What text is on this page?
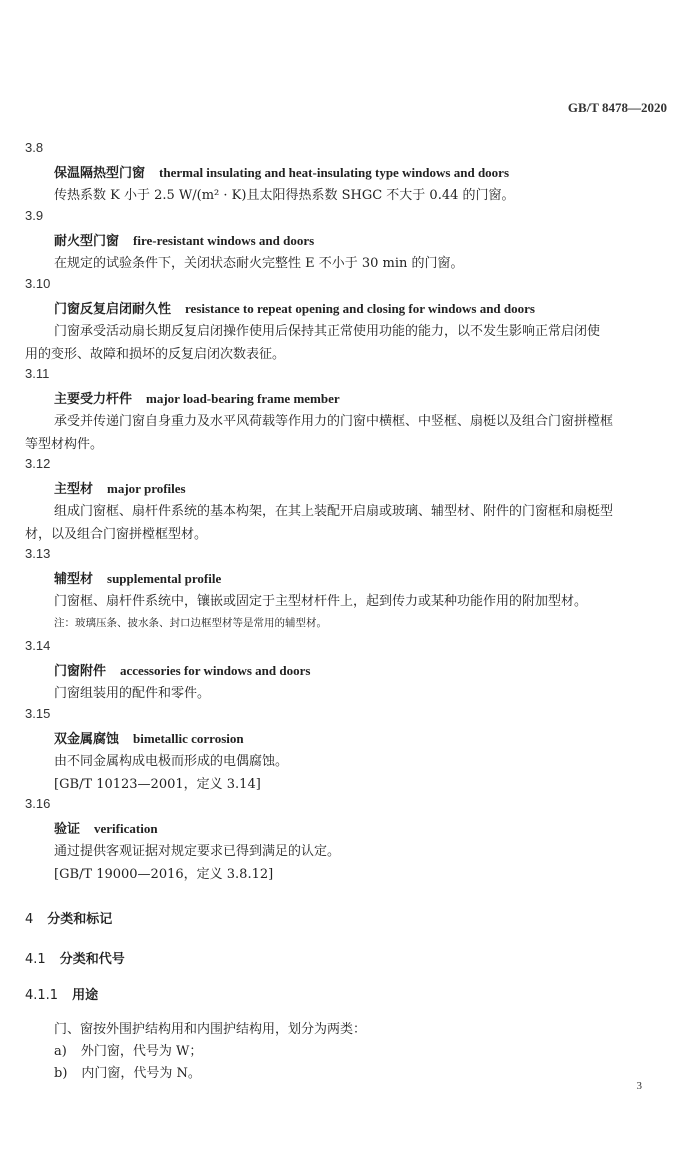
GB/T 8478—2020
3.8
保温隔热型门窗 thermal insulating and heat-insulating type windows and doors
传热系数 K 小于 2.5 W/(m² · K)且太阳得热系数 SHGC 不大于 0.44 的门窗。
3.9
耐火型门窗 fire-resistant windows and doors
在规定的试验条件下，关闭状态耐火完整性 E 不小于 30 min 的门窗。
3.10
门窗反复启闭耐久性 resistance to repeat opening and closing for windows and doors
门窗承受活动扇长期反复启闭操作使用后保持其正常使用功能的能力，以不发生影响正常启闭使
用的变形、故障和损坏的反复启闭次数表征。
3.11
主要受力杆件 major load-bearing frame member
承受并传递门窗自身重力及水平风荷载等作用力的门窗中横框、中竖框、扇梃以及组合门窗拼樘框
等型材构件。
3.12
主型材 major profiles
组成门窗框、扇杆件系统的基本构架，在其上装配开启扇或玻璃、辅型材、附件的门窗框和扇梃型
材，以及组合门窗拼樘框型材。
3.13
辅型材 supplemental profile
门窗框、扇杆件系统中，镶嵌或固定于主型材杆件上，起到传力或某种功能作用的附加型材。
注：玻璃压条、披水条、封口边框型材等是常用的辅型材。
3.14
门窗附件 accessories for windows and doors
门窗组装用的配件和零件。
3.15
双金属腐蚀 bimetallic corrosion
由不同金属构成电极而形成的电偶腐蚀。
[GB/T 10123—2001，定义 3.14]
3.16
验证 verification
通过提供客观证据对规定要求已得到满足的认定。
[GB/T 19000—2016，定义 3.8.12]
4 分类和标记
4.1 分类和代号
4.1.1 用途
门、窗按外围护结构用和内围护结构用，划分为两类：
a) 外门窗，代号为 W；
b) 内门窗，代号为 N。
3
